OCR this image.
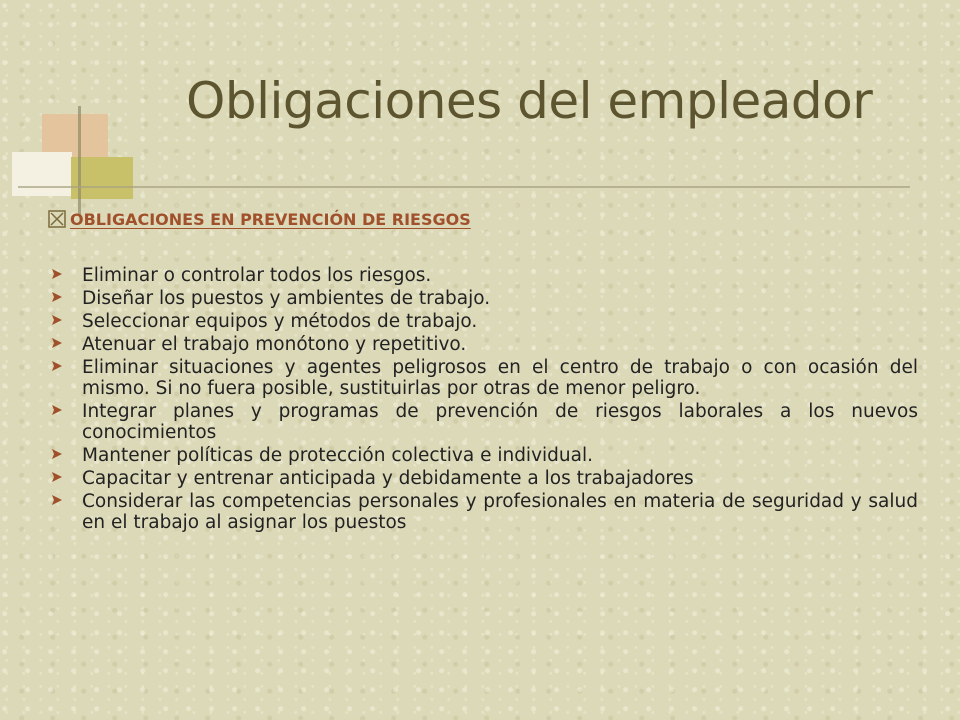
Obligaciones del empleador
OBLIGACIONES EN PREVENCIÓN DE RIESGOS
Eliminar o controlar todos los riesgos.
Diseñar los puestos y ambientes de trabajo.
Seleccionar equipos y métodos de trabajo.
Atenuar el trabajo monótono y repetitivo.
Eliminar situaciones y agentes peligrosos en el centro de trabajo o con ocasión del mismo. Si no fuera posible, sustituirlas por otras de menor peligro.
Integrar planes y programas de prevención de riesgos laborales a los nuevos conocimientos
Mantener políticas de protección colectiva e individual.
Capacitar y entrenar anticipada y debidamente a los trabajadores
Considerar las competencias personales y profesionales en materia de seguridad y salud en el trabajo al asignar los puestos
